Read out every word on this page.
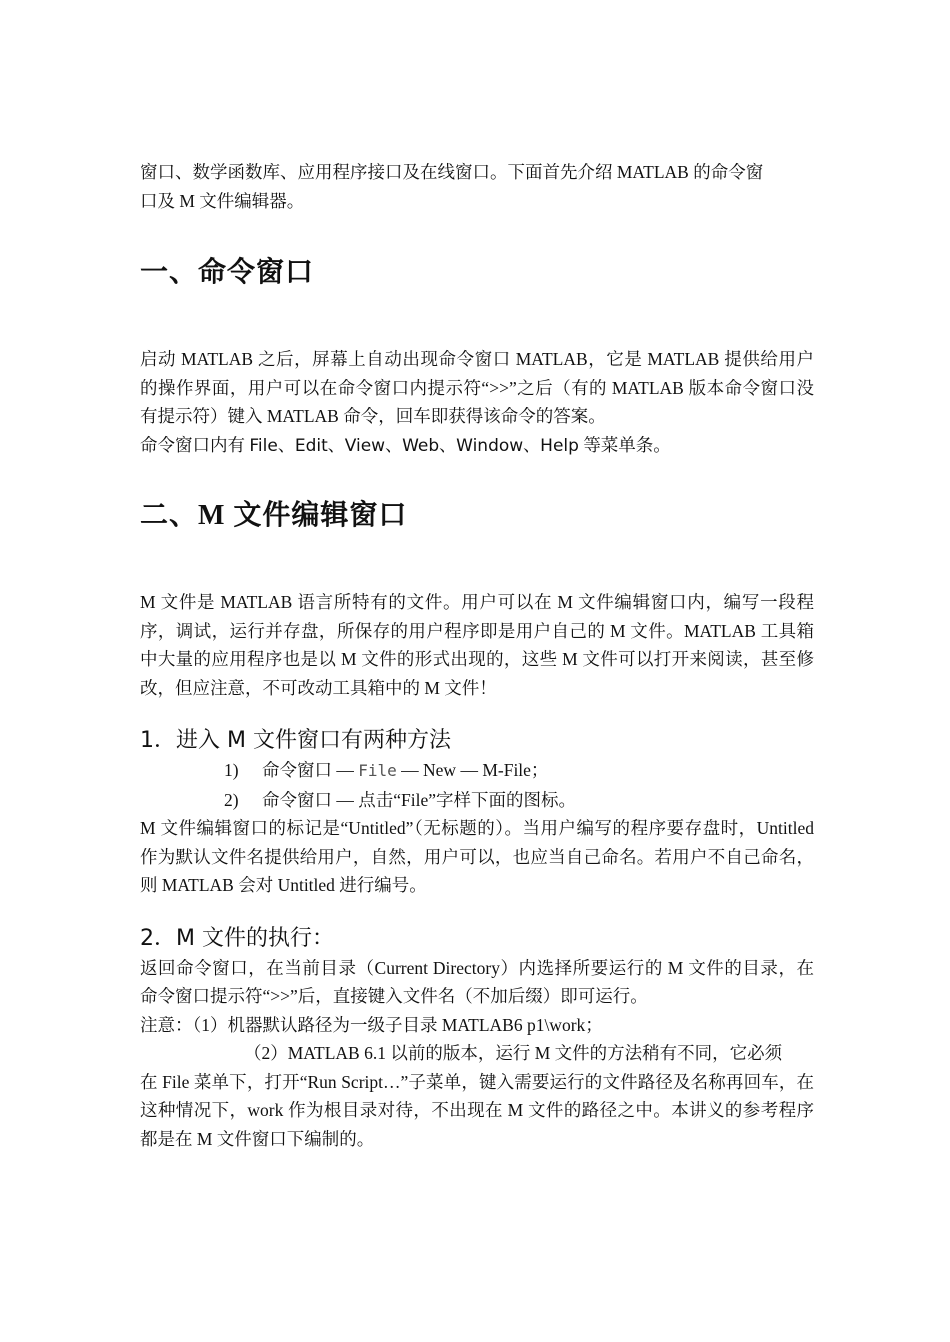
窗口、数学函数库、应用程序接口及在线窗口。下面首先介绍 MATLAB 的命令窗
口及 M 文件编辑器。

一、命令窗口

启动 MATLAB 之后，屏幕上自动出现命令窗口 MATLAB，它是 MATLAB 提供给用户的操作界面，用户可以在命令窗口内提示符“>>”之后（有的 MATLAB 版本命令窗口没有提示符）键入 MATLAB 命令，回车即获得该命令的答案。

命令窗口内有 File、Edit、View、Web、Window、Help 等菜单条。

二、M 文件编辑窗口

M 文件是 MATLAB 语言所特有的文件。用户可以在 M 文件编辑窗口内，编写一段程序，调试，运行并存盘，所保存的用户程序即是用户自己的 M 文件。MATLAB 工具箱中大量的应用程序也是以 M 文件的形式出现的，这些 M 文件可以打开来阅读，甚至修改，但应注意，不可改动工具箱中的 M 文件！

1．进入 M 文件窗口有两种方法

1) 命令窗口 — File — New — M-File；

2) 命令窗口 — 点击“File”字样下面的图标。

M 文件编辑窗口的标记是“Untitled”（无标题的）。当用户编写的程序要存盘时，Untitled 作为默认文件名提供给用户，自然，用户可以，也应当自己命名。若用户不自己命名，则 MATLAB 会对 Untitled 进行编号。

2．M 文件的执行：

返回命令窗口，在当前目录（Current Directory）内选择所要运行的 M 文件的目录，在命令窗口提示符“>>”后，直接键入文件名（不加后缀）即可运行。

注意：（1）机器默认路径为一级子目录 MATLAB6 p1\work；

（2）MATLAB 6.1 以前的版本，运行 M 文件的方法稍有不同，它必须

在 File 菜单下，打开“Run Script…”子菜单，键入需要运行的文件路径及名称再回车，在这种情况下，work 作为根目录对待，不出现在 M 文件的路径之中。本讲义的参考程序都是在 M 文件窗口下编制的。
